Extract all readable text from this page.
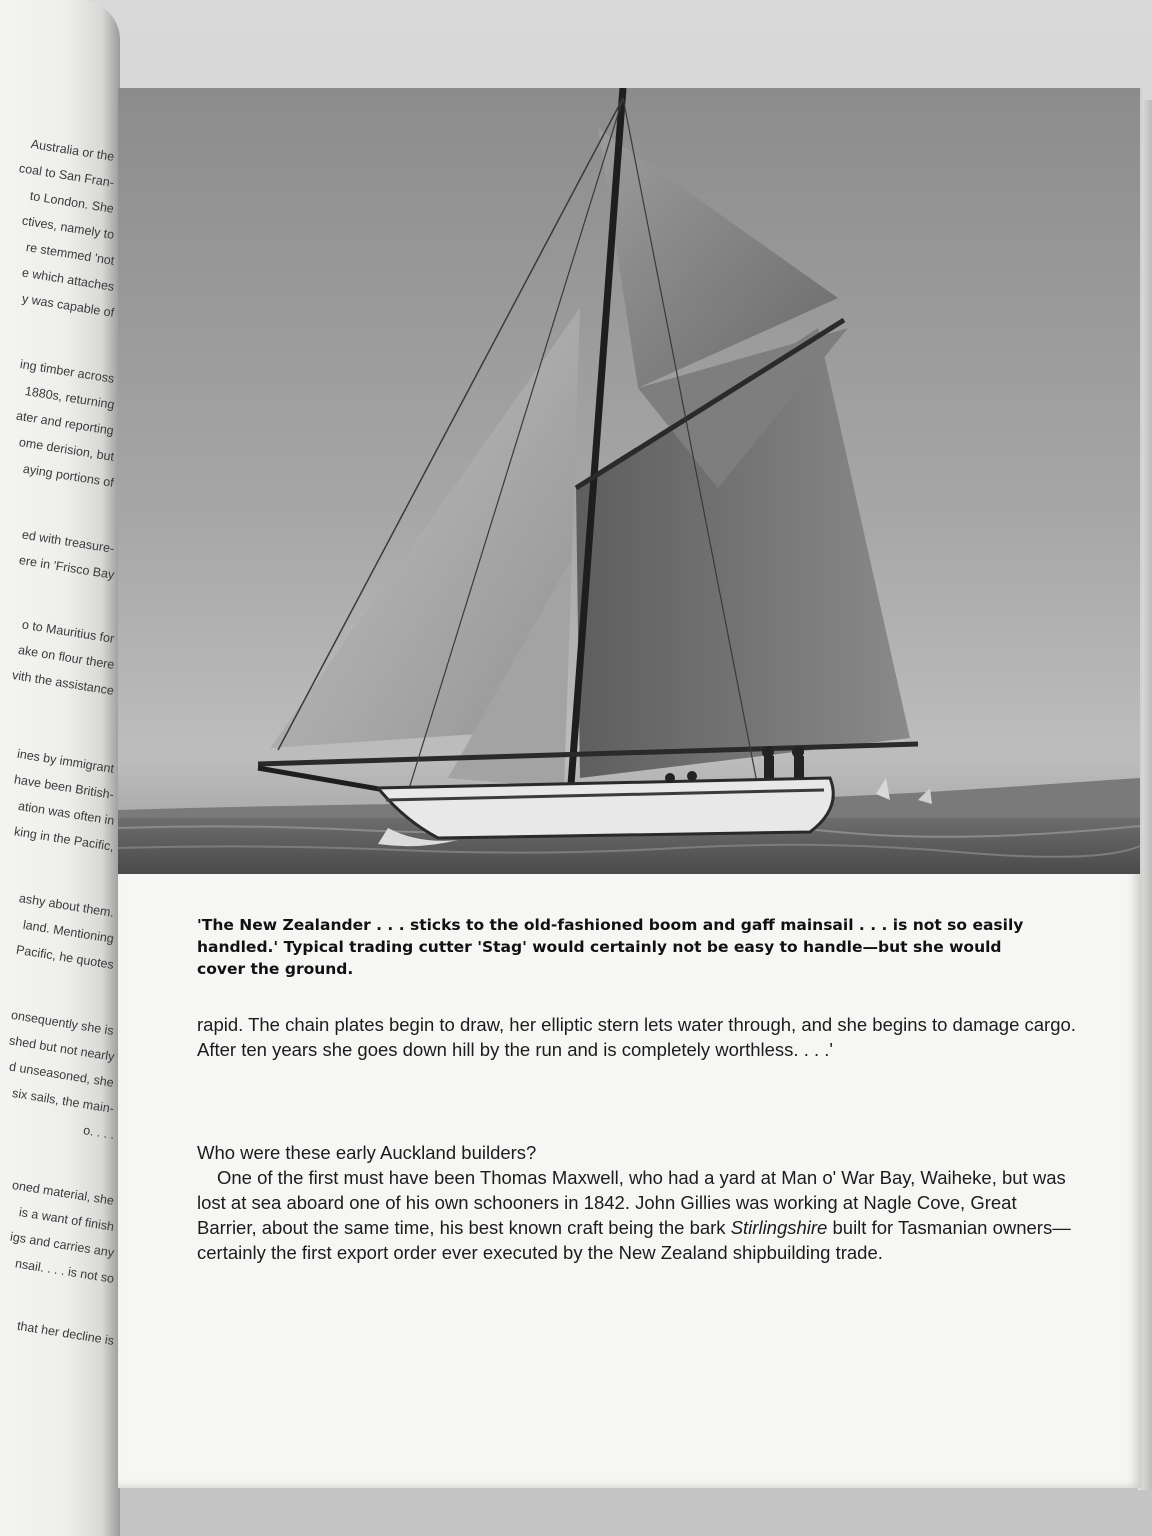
Australia or the
coal to San Fran-
to London. She
ctives, namely to
re stemmed 'not
e which attaches
y was capable of
ing timber across
1880s, returning
ater and reporting
ome derision, but
aying portions of
ed with treasure-
ere in 'Frisco Bay
o to Mauritius for
ake on flour there
vith the assistance
ines by immigrant
have been British-
ation was often in
king in the Pacific,
ashy about them.
land. Mentioning
Pacific, he quotes
onsequently she is
shed but not nearly
d unseasoned, she
six sails, the main-
o. . . .
oned material, she
is a want of finish
igs and carries any
nsail. . . . is not so
that her decline is

'The New Zealander . . . sticks to the old-fashioned boom and gaff mainsail . . . is not so easily handled.' Typical trading cutter 'Stag' would certainly not be easy to handle—but she would cover the ground.

rapid. The chain plates begin to draw, her elliptic stern lets water through, and she begins to damage cargo. After ten years she goes down hill by the run and is completely worthless. . . .'

Who were these early Auckland builders?

One of the first must have been Thomas Maxwell, who had a yard at Man o' War Bay, Waiheke, but was lost at sea aboard one of his own schooners in 1842. John Gillies was working at Nagle Cove, Great Barrier, about the same time, his best known craft being the bark Stirlingshire built for Tasmanian owners—certainly the first export order ever executed by the New Zealand shipbuilding trade.
